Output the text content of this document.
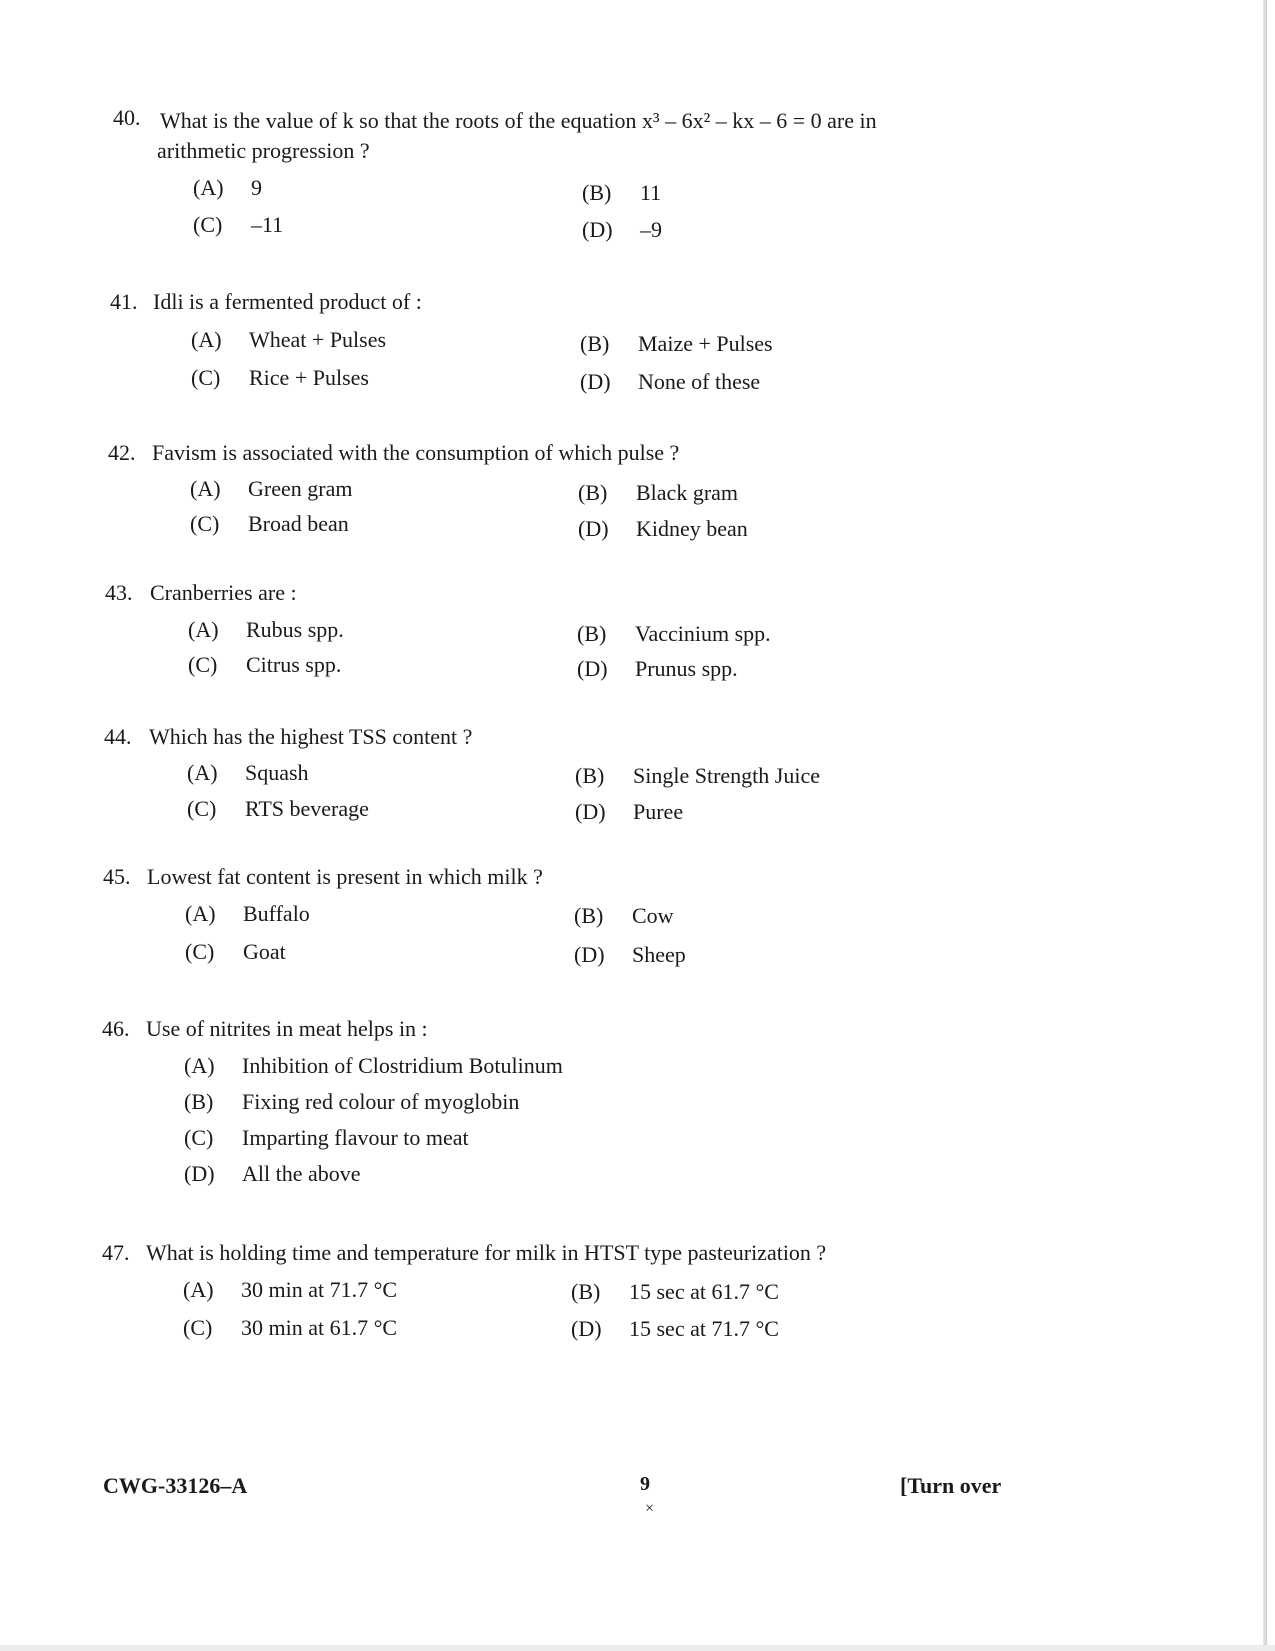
40. What is the value of k so that the roots of the equation x³ – 6x² – kx – 6 = 0 are in
arithmetic progression ?
(A) 9	(B) 11
(C) –11	(D) –9
41. Idli is a fermented product of :
(A) Wheat + Pulses	(B) Maize + Pulses
(C) Rice + Pulses	(D) None of these
42. Favism is associated with the consumption of which pulse ?
(A) Green gram	(B) Black gram
(C) Broad bean	(D) Kidney bean
43. Cranberries are :
(A) Rubus spp.	(B) Vaccinium spp.
(C) Citrus spp.	(D) Prunus spp.
44. Which has the highest TSS content ?
(A) Squash	(B) Single Strength Juice
(C) RTS beverage	(D) Puree
45. Lowest fat content is present in which milk ?
(A) Buffalo	(B) Cow
(C) Goat	(D) Sheep
46. Use of nitrites in meat helps in :
(A) Inhibition of Clostridium Botulinum
(B) Fixing red colour of myoglobin
(C) Imparting flavour to meat
(D) All the above
47. What is holding time and temperature for milk in HTST type pasteurization ?
(A) 30 min at 71.7 °C	(B) 15 sec at 61.7 °C
(C) 30 min at 61.7 °C	(D) 15 sec at 71.7 °C
CWG-33126–A	9
×
[Turn over
